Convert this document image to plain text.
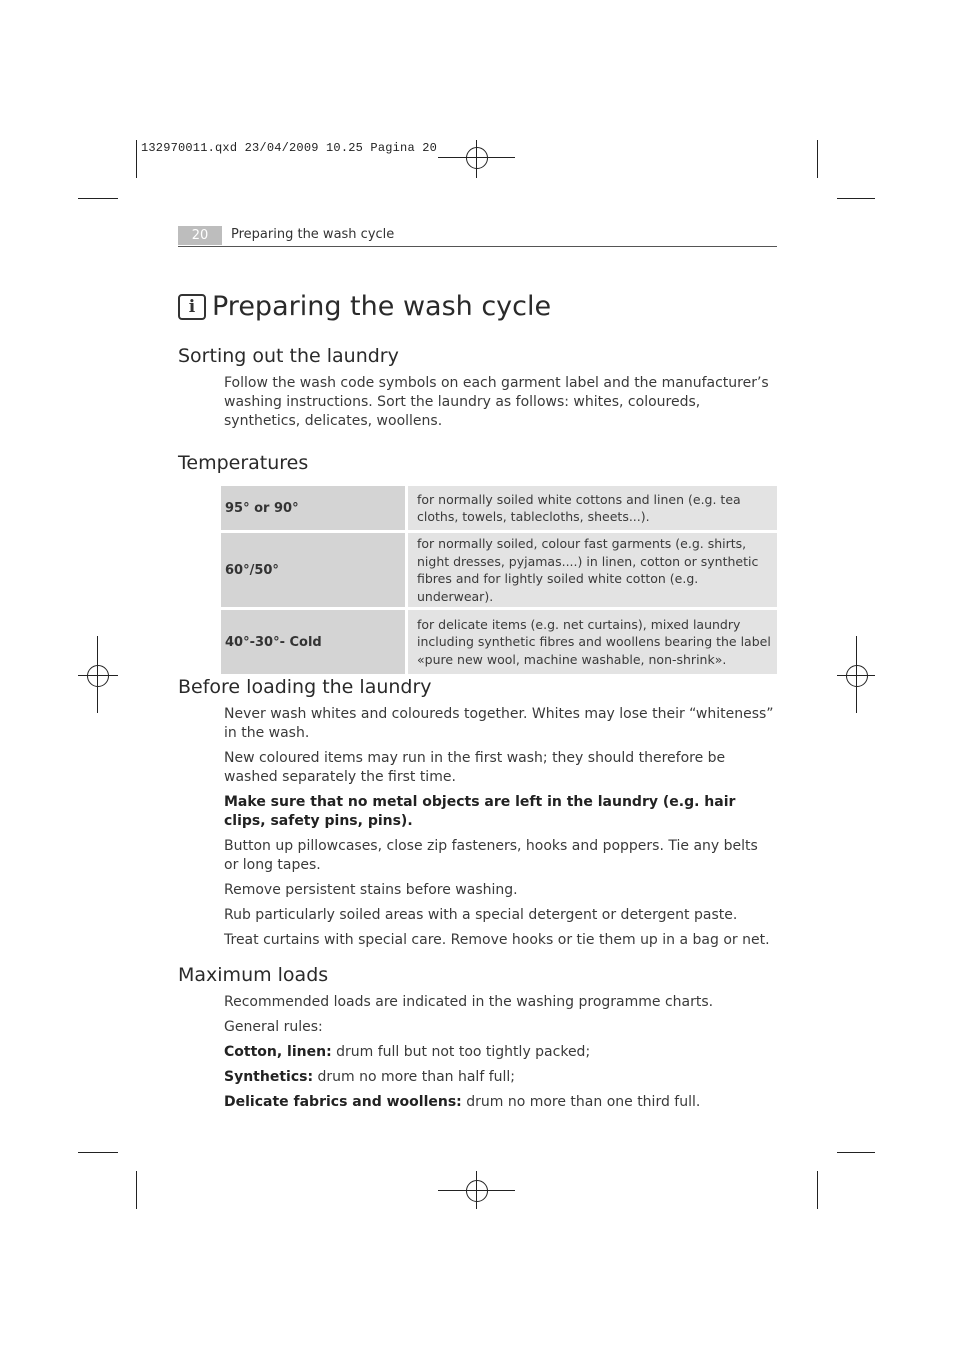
132970011.qxd 23/04/2009 10.25 Pagina 20
20	Preparing the wash cycle
i Preparing the wash cycle
Sorting out the laundry

Follow the wash code symbols on each garment label and the manufacturer’s washing instructions. Sort the laundry as follows: whites, coloureds, synthetics, delicates, woollens.

Temperatures
95° or 90°	for normally soiled white cottons and linen (e.g. tea cloths, towels, tablecloths, sheets...).
60°/50°	for normally soiled, colour fast garments (e.g. shirts, night dresses, pyjamas....) in linen, cotton or synthetic fibres and for lightly soiled white cotton (e.g. underwear).
40°-30°- Cold	for delicate items (e.g. net curtains), mixed laundry including synthetic fibres and woollens bearing the label «pure new wool, machine washable, non-shrink».
Before loading the laundry

Never wash whites and coloureds together. Whites may lose their “whiteness” in the wash.

New coloured items may run in the first wash; they should therefore be washed separately the first time.

Make sure that no metal objects are left in the laundry (e.g. hair clips, safety pins, pins).

Button up pillowcases, close zip fasteners, hooks and poppers. Tie any belts or long tapes.

Remove persistent stains before washing.

Rub particularly soiled areas with a special detergent or detergent paste.

Treat curtains with special care. Remove hooks or tie them up in a bag or net.

Maximum loads

Recommended loads are indicated in the washing programme charts.

General rules:

Cotton, linen: drum full but not too tightly packed;

Synthetics: drum no more than half full;

Delicate fabrics and woollens: drum no more than one third full.
